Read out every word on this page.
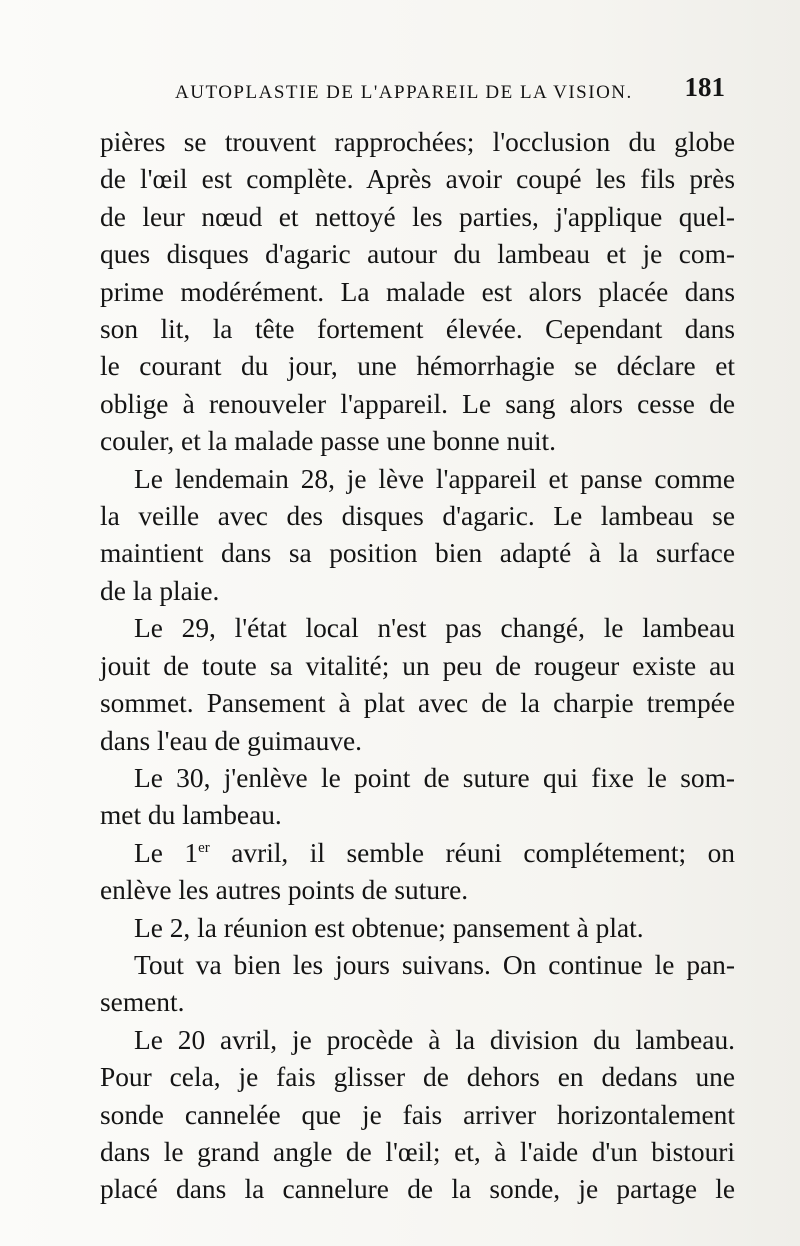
AUTOPLASTIE DE L'APPAREIL DE LA VISION. 181
pières se trouvent rapprochées; l'occlusion du globe
de l'œil est complète. Après avoir coupé les fils près
de leur nœud et nettoyé les parties, j'applique quel-
ques disques d'agaric autour du lambeau et je com-
prime modérément. La malade est alors placée dans
son lit, la tête fortement élevée. Cependant dans
le courant du jour, une hémorrhagie se déclare et
oblige à renouveler l'appareil. Le sang alors cesse de
couler, et la malade passe une bonne nuit.
Le lendemain 28, je lève l'appareil et panse comme
la veille avec des disques d'agaric. Le lambeau se
maintient dans sa position bien adapté à la surface
de la plaie.
Le 29, l'état local n'est pas changé, le lambeau
jouit de toute sa vitalité; un peu de rougeur existe au
sommet. Pansement à plat avec de la charpie trempée
dans l'eau de guimauve.
Le 30, j'enlève le point de suture qui fixe le som-
met du lambeau.
Le 1er avril, il semble réuni complétement; on
enlève les autres points de suture.
Le 2, la réunion est obtenue; pansement à plat.
Tout va bien les jours suivans. On continue le pan-
sement.
Le 20 avril, je procède à la division du lambeau.
Pour cela, je fais glisser de dehors en dedans une
sonde cannelée que je fais arriver horizontalement
dans le grand angle de l'œil; et, à l'aide d'un bistouri
placé dans la cannelure de la sonde, je partage le
